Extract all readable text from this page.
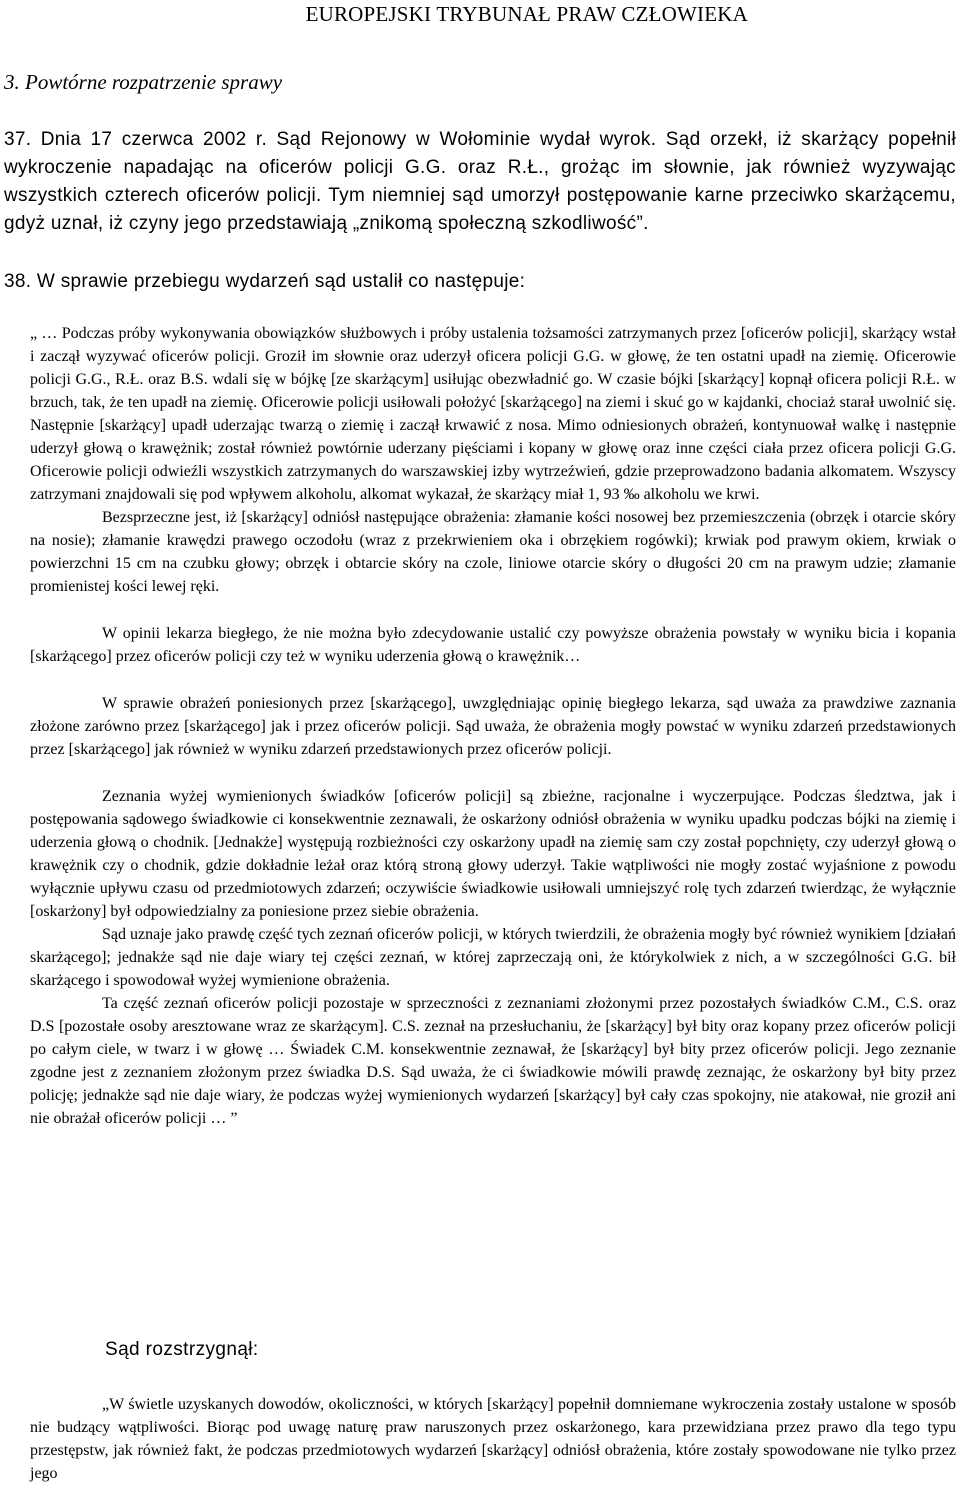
EUROPEJSKI TRYBUNAŁ PRAW CZŁOWIEKA
3. Powtórne rozpatrzenie sprawy
37. Dnia 17 czerwca 2002 r. Sąd Rejonowy w Wołominie wydał wyrok. Sąd orzekł, iż skarżący popełnił wykroczenie napadając na oficerów policji G.G. oraz R.Ł., grożąc im słownie, jak również wyzywając wszystkich czterech oficerów policji. Tym niemniej sąd umorzył postępowanie karne przeciwko skarżącemu, gdyż uznał, iż czyny jego przedstawiają „znikomą społeczną szkodliwość”.
38. W sprawie przebiegu wydarzeń sąd ustalił co następuje:
„ … Podczas próby wykonywania obowiązków służbowych i próby ustalenia tożsamości zatrzymanych przez [oficerów policji], skarżący wstał i zaczął wyzywać oficerów policji. Groził im słownie oraz uderzył oficera policji G.G. w głowę, że ten ostatni upadł na ziemię. Oficerowie policji G.G., R.Ł. oraz B.S. wdali się w bójkę [ze skarżącym] usiłując obezwładnić go. W czasie bójki [skarżący] kopnął oficera policji R.Ł. w brzuch, tak, że ten upadł na ziemię. Oficerowie policji usiłowali położyć [skarżącego] na ziemi i skuć go w kajdanki, chociaż starał uwolnić się. Następnie [skarżący] upadł uderzając twarzą o ziemię i zaczął krwawić z nosa. Mimo odniesionych obrażeń, kontynuował walkę i następnie uderzył głową o krawężnik; został również powtórnie uderzany pięściami i kopany w głowę oraz inne części ciała przez oficera policji G.G. Oficerowie policji odwieźli wszystkich zatrzymanych do warszawskiej izby wytrzeźwień, gdzie przeprowadzono badania alkomatem. Wszyscy zatrzymani znajdowali się pod wpływem alkoholu, alkomat wykazał, że skarżący miał 1, 93 ‰ alkoholu we krwi.
Bezsprzeczne jest, iż [skarżący] odniósł następujące obrażenia: złamanie kości nosowej bez przemieszczenia (obrzęk i otarcie skóry na nosie); złamanie krawędzi prawego oczodołu (wraz z przekrwieniem oka i obrzękiem rogówki); krwiak pod prawym okiem, krwiak o powierzchni 15 cm na czubku głowy; obrzęk i obtarcie skóry na czole, liniowe otarcie skóry o długości 20 cm na prawym udzie; złamanie promienistej kości lewej ręki.
W opinii lekarza biegłego, że nie można było zdecydowanie ustalić czy powyższe obrażenia powstały w wyniku bicia i kopania [skarżącego] przez oficerów policji czy też w wyniku uderzenia głową o krawężnik…
W sprawie obrażeń poniesionych przez [skarżącego], uwzględniając opinię biegłego lekarza, sąd uważa za prawdziwe zaznania złożone zarówno przez [skarżącego] jak i przez oficerów policji. Sąd uważa, że obrażenia mogły powstać w wyniku zdarzeń przedstawionych przez [skarżącego] jak również w wyniku zdarzeń przedstawionych przez oficerów policji.
Zeznania wyżej wymienionych świadków [oficerów policji] są zbieżne, racjonalne i wyczerpujące. Podczas śledztwa, jak i postępowania sądowego świadkowie ci konsekwentnie zeznawali, że oskarżony odniósł obrażenia w wyniku upadku podczas bójki na ziemię i uderzenia głową o chodnik. [Jednakże] występują rozbieżności czy oskarżony upadł na ziemię sam czy został popchnięty, czy uderzył głową o krawężnik czy o chodnik, gdzie dokładnie leżał oraz którą stroną głowy uderzył. Takie wątpliwości nie mogły zostać wyjaśnione z powodu wyłącznie upływu czasu od przedmiotowych zdarzeń; oczywiście świadkowie usiłowali umniejszyć rolę tych zdarzeń twierdząc, że wyłącznie [oskarżony] był odpowiedzialny za poniesione przez siebie obrażenia.
Sąd uznaje jako prawdę część tych zeznań oficerów policji, w których twierdzili, że obrażenia mogły być również wynikiem [działań skarżącego]; jednakże sąd nie daje wiary tej części zeznań, w której zaprzeczają oni, że którykolwiek z nich, a w szczególności G.G. bił skarżącego i spowodował wyżej wymienione obrażenia.
Ta część zeznań oficerów policji pozostaje w sprzeczności z zeznaniami złożonymi przez pozostałych świadków C.M., C.S. oraz D.S [pozostałe osoby aresztowane wraz ze skarżącym]. C.S. zeznał na przesłuchaniu, że [skarżący] był bity oraz kopany przez oficerów policji po całym ciele, w twarz i w głowę … Świadek C.M. konsekwentnie zeznawał, że [skarżący] był bity przez oficerów policji. Jego zeznanie zgodne jest z zeznaniem złożonym przez świadka D.S. Sąd uważa, że ci świadkowie mówili prawdę zeznając, że oskarżony był bity przez policję; jednakże sąd nie daje wiary, że podczas wyżej wymienionych wydarzeń [skarżący] był cały czas spokojny, nie atakował, nie groził ani nie obrażał oficerów policji … ”
Sąd rozstrzygnął:
„W świetle uzyskanych dowodów, okoliczności, w których [skarżący] popełnił domniemane wykroczenia zostały ustalone w sposób nie budzący wątpliwości. Biorąc pod uwagę naturę praw naruszonych przez oskarżonego, kara przewidziana przez prawo dla tego typu przestępstw, jak również fakt, że podczas przedmiotowych wydarzeń [skarżący] odniósł obrażenia, które zostały spowodowane nie tylko przez jego
